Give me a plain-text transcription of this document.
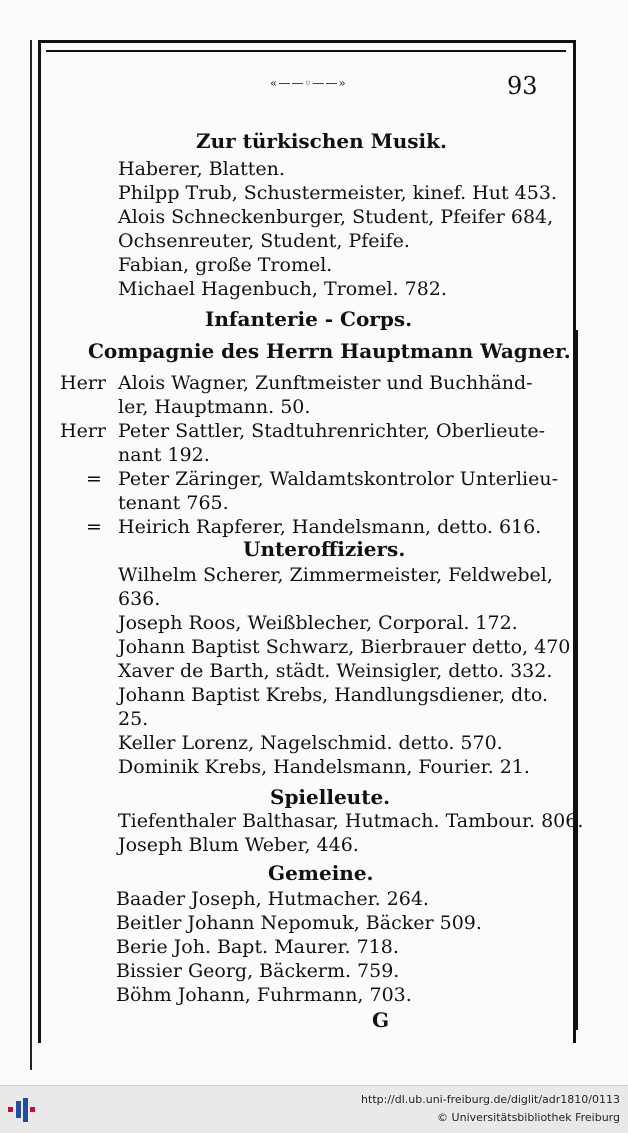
«——◦——»	93
Zur türkischen Musik.
Haberer, Blatten.
Philpp Trub, Schustermeister, kinef. Hut 453.
Alois Schneckenburger, Student, Pfeifer 684,
Ochsenreuter, Student, Pfeife.
Fabian, große Tromel.
Michael Hagenbuch, Tromel. 782.
Infanterie - Corps.
Compagnie des Herrn Hauptmann Wagner.
Herr Alois Wagner, Zunftmeister und Buchhänd-
ler, Hauptmann. 50.
Herr Peter Sattler, Stadtuhrenrichter, Oberlieute-
nant 192.
= Peter Zäringer, Waldamtskontrolor Unterlieu-
tenant 765.
= Heirich Rapferer, Handelsmann, detto. 616.
Unteroffiziers.
Wilhelm Scherer, Zimmermeister, Feldwebel,
636.
Joseph Roos, Weißblecher, Corporal. 172.
Johann Baptist Schwarz, Bierbrauer detto, 470
Xaver de Barth, städt. Weinsigler, detto. 332.
Johann Baptist Krebs, Handlungsdiener, dto.
25.
Keller Lorenz, Nagelschmid. detto. 570.
Dominik Krebs, Handelsmann, Fourier. 21.
Spielleute.
Tiefenthaler Balthasar, Hutmach. Tambour. 806.
Joseph Blum Weber, 446.
Gemeine.
Baader Joseph, Hutmacher. 264.
Beitler Johann Nepomuk, Bäcker 509.
Berie Joh. Bapt. Maurer. 718.
Bissier Georg, Bäckerm. 759.
Böhm Johann, Fuhrmann, 703.
G
http://dl.ub.uni-freiburg.de/diglit/adr1810/0113
© Universitätsbibliothek Freiburg
